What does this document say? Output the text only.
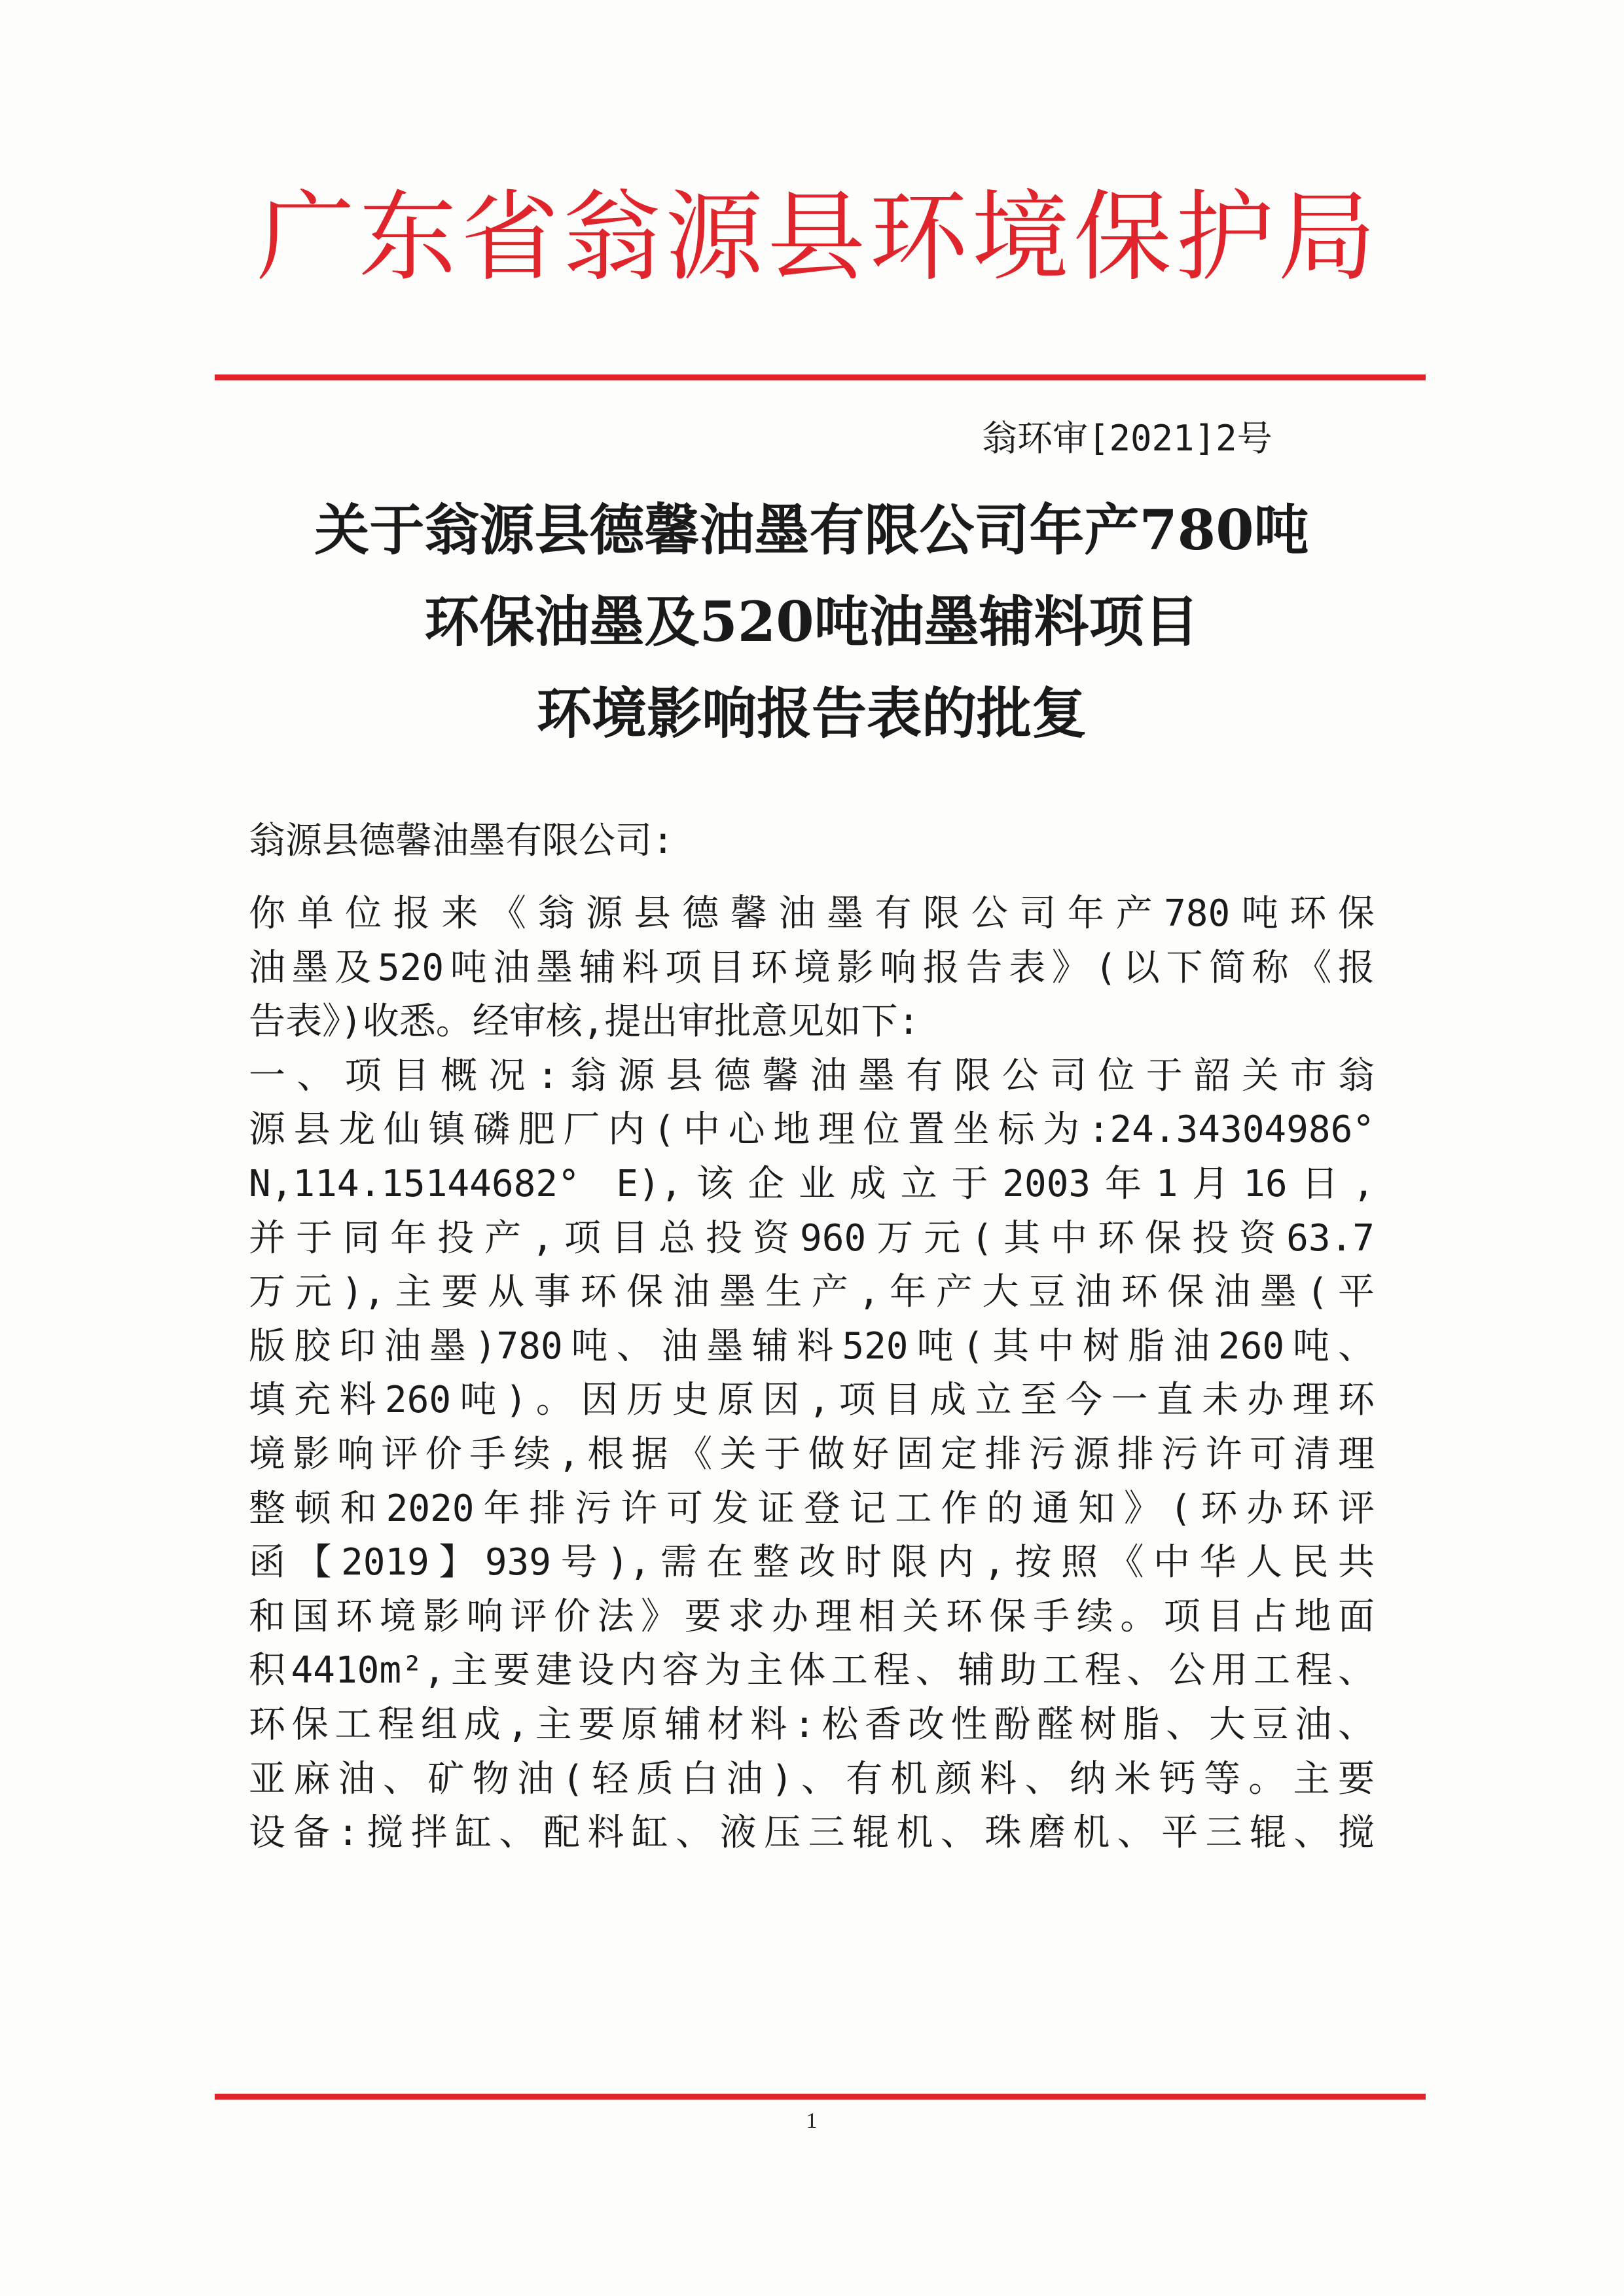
广东省翁源县环境保护局
翁环审[2021]2号
关于翁源县德馨油墨有限公司年产780吨
环保油墨及520吨油墨辅料项目
环境影响报告表的批复
翁源县德馨油墨有限公司:
你单位报来《翁源县德馨油墨有限公司年产780吨环保
油墨及520吨油墨辅料项目环境影响报告表》(以下简称《报
告表》)收悉。经审核,提出审批意见如下:
一、项目概况:翁源县德馨油墨有限公司位于韶关市翁
源县龙仙镇磷肥厂内(中心地理位置坐标为:24.34304986°
N,114.15144682° E),该企业成立于2003年1月16日,
并于同年投产,项目总投资960万元(其中环保投资63.7
万元),主要从事环保油墨生产,年产大豆油环保油墨(平
版胶印油墨)780吨、油墨辅料520吨(其中树脂油260吨、
填充料260吨)。因历史原因,项目成立至今一直未办理环
境影响评价手续,根据《关于做好固定排污源排污许可清理
整顿和2020年排污许可发证登记工作的通知》(环办环评
函【2019】939号),需在整改时限内,按照《中华人民共
和国环境影响评价法》要求办理相关环保手续。项目占地面
积4410m²,主要建设内容为主体工程、辅助工程、公用工程、
环保工程组成,主要原辅材料:松香改性酚醛树脂、大豆油、
亚麻油、矿物油(轻质白油)、有机颜料、纳米钙等。主要
设备:搅拌缸、配料缸、液压三辊机、珠磨机、平三辊、搅
1
